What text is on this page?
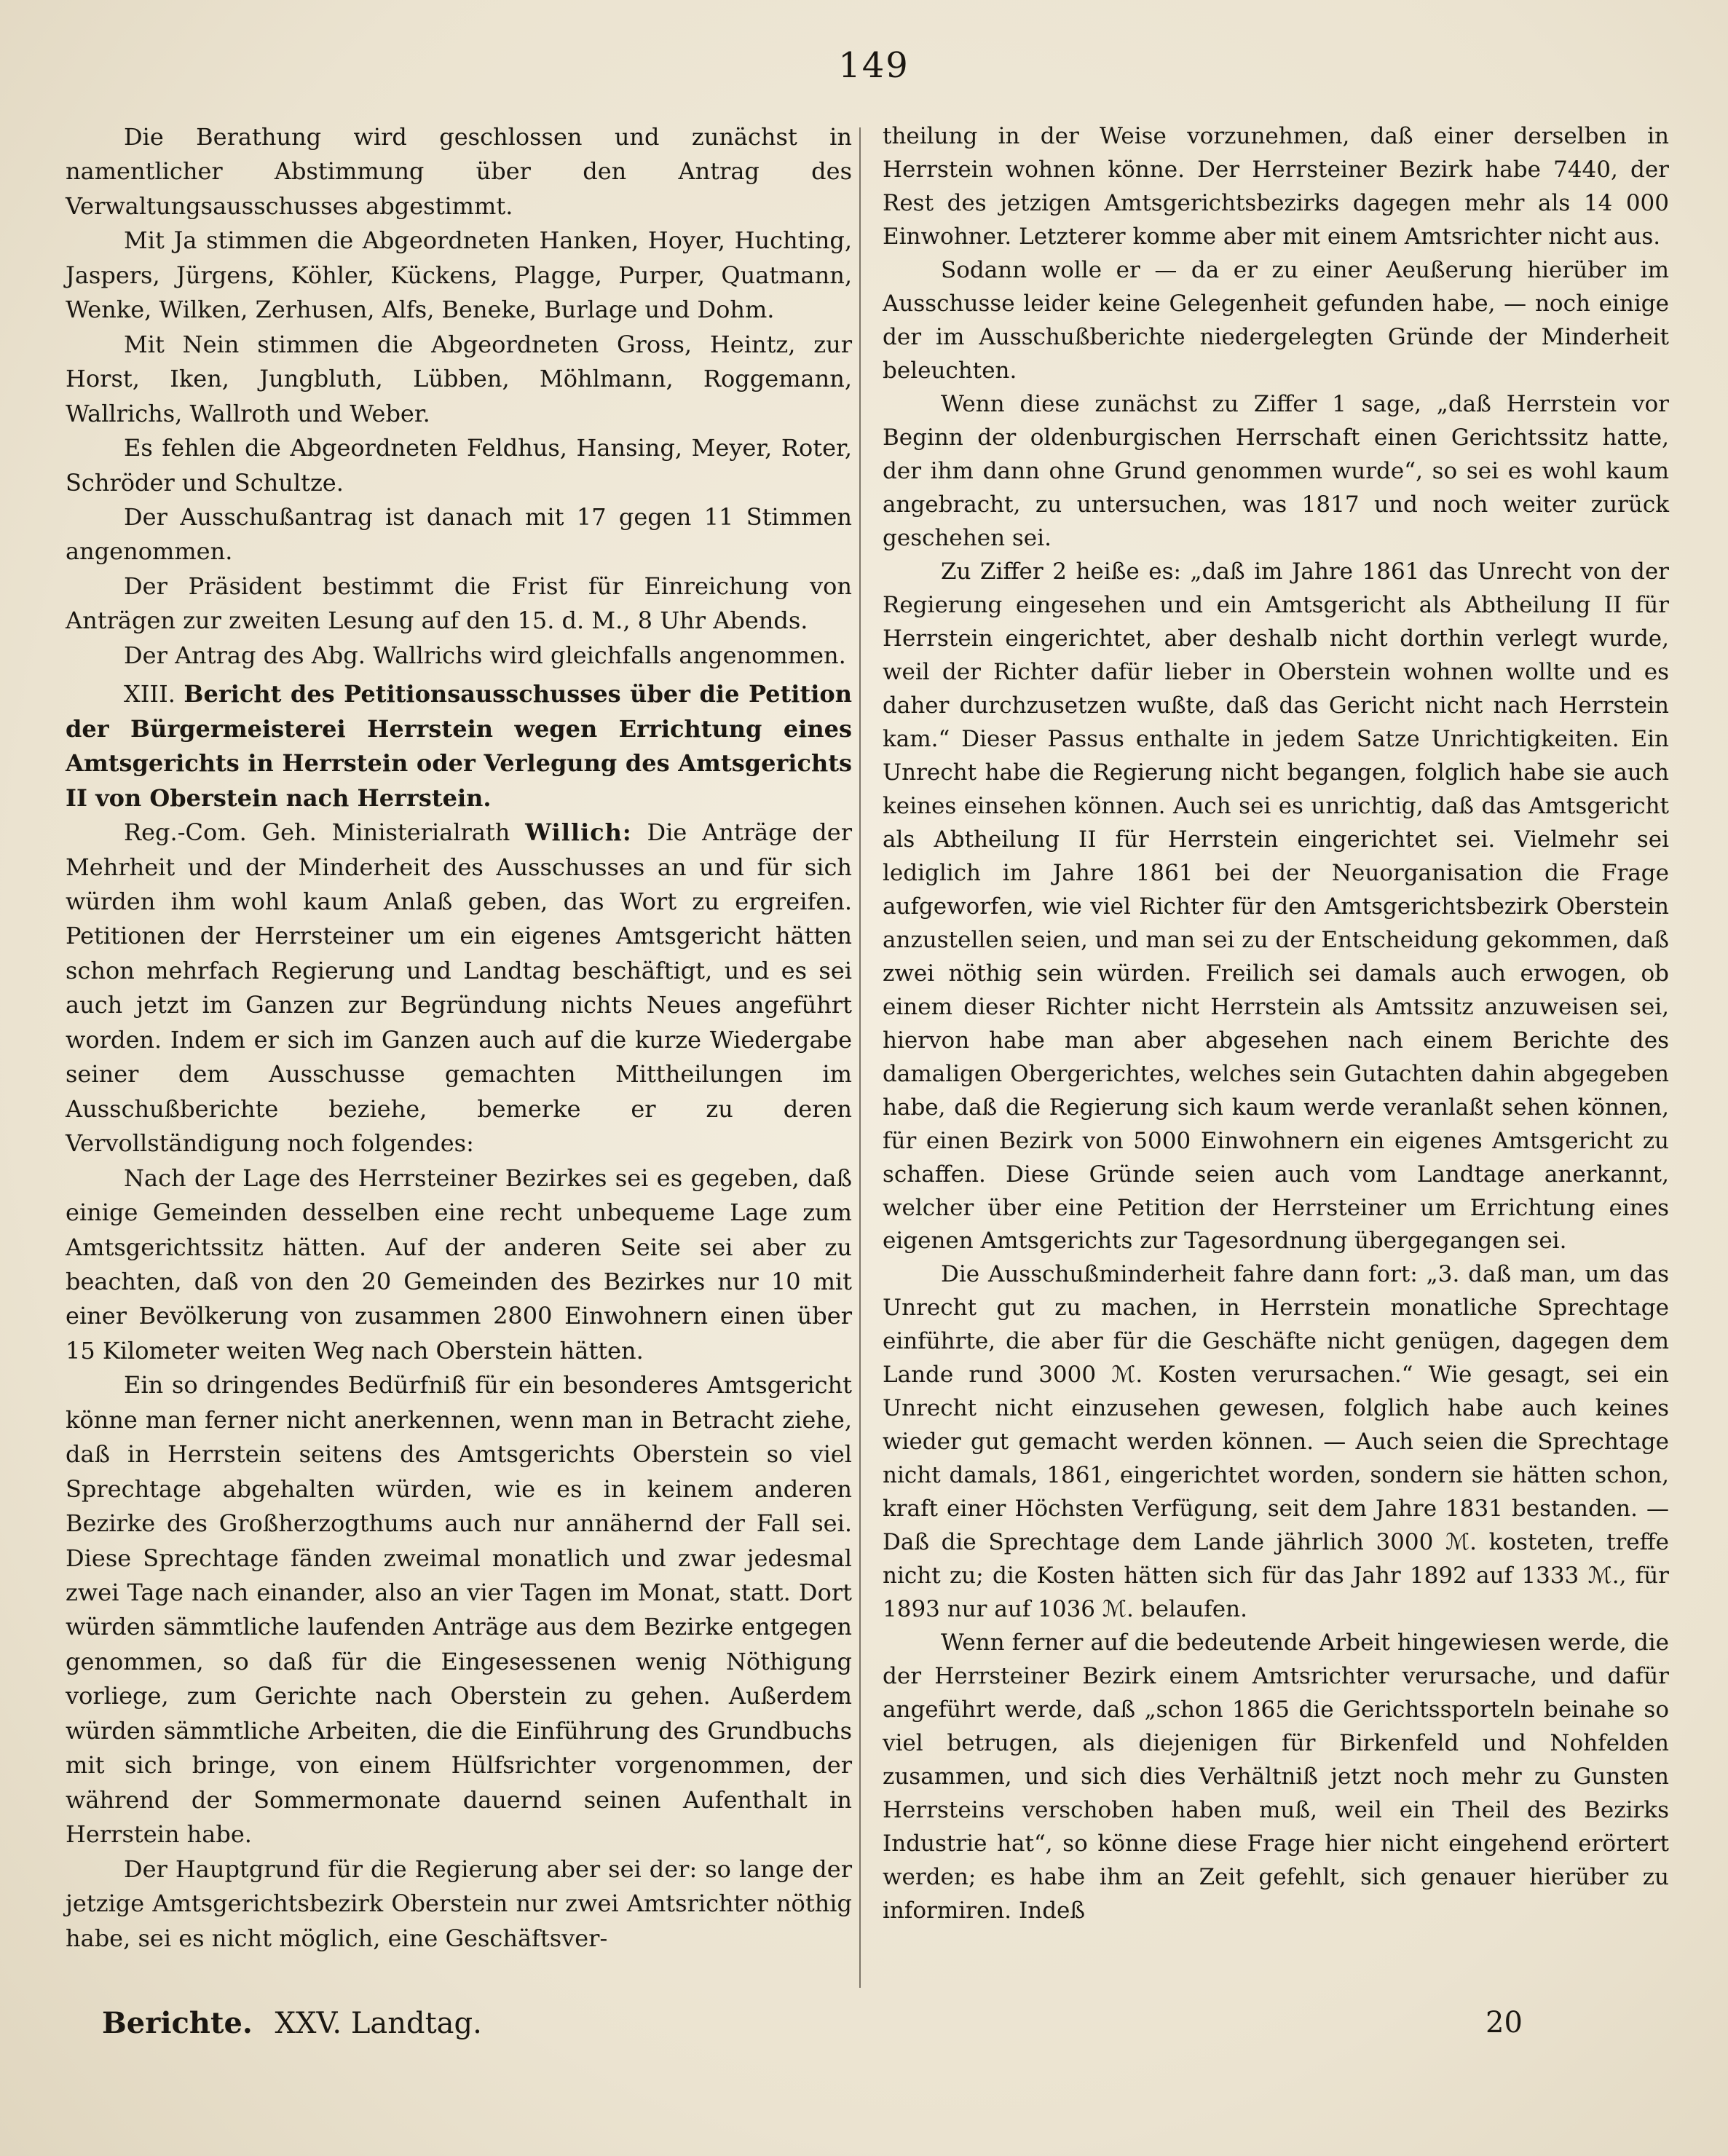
149

Die Berathung wird geschlossen und zunächst in namentlicher Abstimmung über den Antrag des Verwaltungsausschusses abgestimmt.

Mit Ja stimmen die Abgeordneten Hanken, Hoyer, Huchting, Jaspers, Jürgens, Köhler, Kückens, Plagge, Purper, Quatmann, Wenke, Wilken, Zerhusen, Alfs, Beneke, Burlage und Dohm.

Mit Nein stimmen die Abgeordneten Gross, Heintz, zur Horst, Iken, Jungbluth, Lübben, Möhlmann, Roggemann, Wallrichs, Wallroth und Weber.

Es fehlen die Abgeordneten Feldhus, Hansing, Meyer, Roter, Schröder und Schultze.

Der Ausschußantrag ist danach mit 17 gegen 11 Stimmen angenommen.

Der Präsident bestimmt die Frist für Einreichung von Anträgen zur zweiten Lesung auf den 15. d. M., 8 Uhr Abends.

Der Antrag des Abg. Wallrichs wird gleichfalls angenommen.

XIII. Bericht des Petitionsausschusses über die Petition der Bürgermeisterei Herrstein wegen Errichtung eines Amtsgerichts in Herrstein oder Verlegung des Amtsgerichts II von Oberstein nach Herrstein.

Reg.-Com. Geh. Ministerialrath Willich: Die Anträge der Mehrheit und der Minderheit des Ausschusses an und für sich würden ihm wohl kaum Anlaß geben, das Wort zu ergreifen. Petitionen der Herrsteiner um ein eigenes Amtsgericht hätten schon mehrfach Regierung und Landtag beschäftigt, und es sei auch jetzt im Ganzen zur Begründung nichts Neues angeführt worden. Indem er sich im Ganzen auch auf die kurze Wiedergabe seiner dem Ausschusse gemachten Mittheilungen im Ausschußberichte beziehe, bemerke er zu deren Vervollständigung noch folgendes:

Nach der Lage des Herrsteiner Bezirkes sei es gegeben, daß einige Gemeinden desselben eine recht unbequeme Lage zum Amtsgerichtssitz hätten. Auf der anderen Seite sei aber zu beachten, daß von den 20 Gemeinden des Bezirkes nur 10 mit einer Bevölkerung von zusammen 2800 Einwohnern einen über 15 Kilometer weiten Weg nach Oberstein hätten.

Ein so dringendes Bedürfniß für ein besonderes Amtsgericht könne man ferner nicht anerkennen, wenn man in Betracht ziehe, daß in Herrstein seitens des Amtsgerichts Oberstein so viel Sprechtage abgehalten würden, wie es in keinem anderen Bezirke des Großherzogthums auch nur annähernd der Fall sei. Diese Sprechtage fänden zweimal monatlich und zwar jedesmal zwei Tage nach einander, also an vier Tagen im Monat, statt. Dort würden sämmtliche laufenden Anträge aus dem Bezirke entgegen genommen, so daß für die Eingesessenen wenig Nöthigung vorliege, zum Gerichte nach Oberstein zu gehen. Außerdem würden sämmtliche Arbeiten, die die Einführung des Grundbuchs mit sich bringe, von einem Hülfsrichter vorgenommen, der während der Sommermonate dauernd seinen Aufenthalt in Herrstein habe.

Der Hauptgrund für die Regierung aber sei der: so lange der jetzige Amtsgerichtsbezirk Oberstein nur zwei Amtsrichter nöthig habe, sei es nicht möglich, eine Geschäftsver-

theilung in der Weise vorzunehmen, daß einer derselben in Herrstein wohnen könne. Der Herrsteiner Bezirk habe 7440, der Rest des jetzigen Amtsgerichtsbezirks dagegen mehr als 14 000 Einwohner. Letzterer komme aber mit einem Amtsrichter nicht aus.

Sodann wolle er — da er zu einer Aeußerung hierüber im Ausschusse leider keine Gelegenheit gefunden habe, — noch einige der im Ausschußberichte niedergelegten Gründe der Minderheit beleuchten.

Wenn diese zunächst zu Ziffer 1 sage, „daß Herrstein vor Beginn der oldenburgischen Herrschaft einen Gerichtssitz hatte, der ihm dann ohne Grund genommen wurde“, so sei es wohl kaum angebracht, zu untersuchen, was 1817 und noch weiter zurück geschehen sei.

Zu Ziffer 2 heiße es: „daß im Jahre 1861 das Unrecht von der Regierung eingesehen und ein Amtsgericht als Abtheilung II für Herrstein eingerichtet, aber deshalb nicht dorthin verlegt wurde, weil der Richter dafür lieber in Oberstein wohnen wollte und es daher durchzusetzen wußte, daß das Gericht nicht nach Herrstein kam.“ Dieser Passus enthalte in jedem Satze Unrichtigkeiten. Ein Unrecht habe die Regierung nicht begangen, folglich habe sie auch keines einsehen können. Auch sei es unrichtig, daß das Amtsgericht als Abtheilung II für Herrstein eingerichtet sei. Vielmehr sei lediglich im Jahre 1861 bei der Neuorganisation die Frage aufgeworfen, wie viel Richter für den Amtsgerichtsbezirk Oberstein anzustellen seien, und man sei zu der Entscheidung gekommen, daß zwei nöthig sein würden. Freilich sei damals auch erwogen, ob einem dieser Richter nicht Herrstein als Amtssitz anzuweisen sei, hiervon habe man aber abgesehen nach einem Berichte des damaligen Obergerichtes, welches sein Gutachten dahin abgegeben habe, daß die Regierung sich kaum werde veranlaßt sehen können, für einen Bezirk von 5000 Einwohnern ein eigenes Amtsgericht zu schaffen. Diese Gründe seien auch vom Landtage anerkannt, welcher über eine Petition der Herrsteiner um Errichtung eines eigenen Amtsgerichts zur Tagesordnung übergegangen sei.

Die Ausschußminderheit fahre dann fort: „3. daß man, um das Unrecht gut zu machen, in Herrstein monatliche Sprechtage einführte, die aber für die Geschäfte nicht genügen, dagegen dem Lande rund 3000 ℳ. Kosten verursachen.“ Wie gesagt, sei ein Unrecht nicht einzusehen gewesen, folglich habe auch keines wieder gut gemacht werden können. — Auch seien die Sprechtage nicht damals, 1861, eingerichtet worden, sondern sie hätten schon, kraft einer Höchsten Verfügung, seit dem Jahre 1831 bestanden. — Daß die Sprechtage dem Lande jährlich 3000 ℳ. kosteten, treffe nicht zu; die Kosten hätten sich für das Jahr 1892 auf 1333 ℳ., für 1893 nur auf 1036 ℳ. belaufen.

Wenn ferner auf die bedeutende Arbeit hingewiesen werde, die der Herrsteiner Bezirk einem Amtsrichter verursache, und dafür angeführt werde, daß „schon 1865 die Gerichtssporteln beinahe so viel betrugen, als diejenigen für Birkenfeld und Nohfelden zusammen, und sich dies Verhältniß jetzt noch mehr zu Gunsten Herrsteins verschoben haben muß, weil ein Theil des Bezirks Industrie hat“, so könne diese Frage hier nicht eingehend erörtert werden; es habe ihm an Zeit gefehlt, sich genauer hierüber zu informiren. Indeß

Berichte. XXV. Landtag.	20
